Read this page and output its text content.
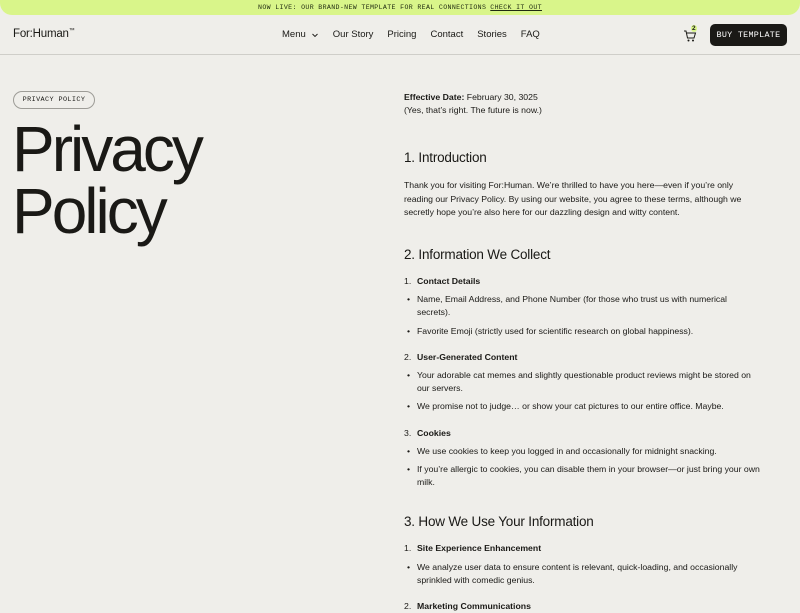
NOW LIVE: OUR BRAND-NEW TEMPLATE FOR REAL CONNECTIONS CHECK IT OUT
For:Human™	Menu	Our Story Pricing Contact Stories FAQ
2
BUY TEMPLATE
PRIVACY POLICY
Privacy
Policy
Effective Date: February 30, 3025
(Yes, that’s right. The future is now.)
1. Introduction

Thank you for visiting For:Human. We’re thrilled to have you here—even if you’re only reading our Privacy Policy. By using our website, you agree to these terms, although we secretly hope you’re also here for our dazzling design and witty content.

2. Information We Collect
1. Contact Details
• Name, Email Address, and Phone Number (for those who trust us with numerical secrets).
• Favorite Emoji (strictly used for scientific research on global happiness).
2. User-Generated Content
• Your adorable cat memes and slightly questionable product reviews might be stored on our servers.
• We promise not to judge… or show your cat pictures to our entire office. Maybe.
3. Cookies
• We use cookies to keep you logged in and occasionally for midnight snacking.
• If you’re allergic to cookies, you can disable them in your browser—or just bring your own milk.
3. How We Use Your Information
1. Site Experience Enhancement
• We analyze user data to ensure content is relevant, quick-loading, and occasionally sprinkled with comedic genius.
2. Marketing Communications
